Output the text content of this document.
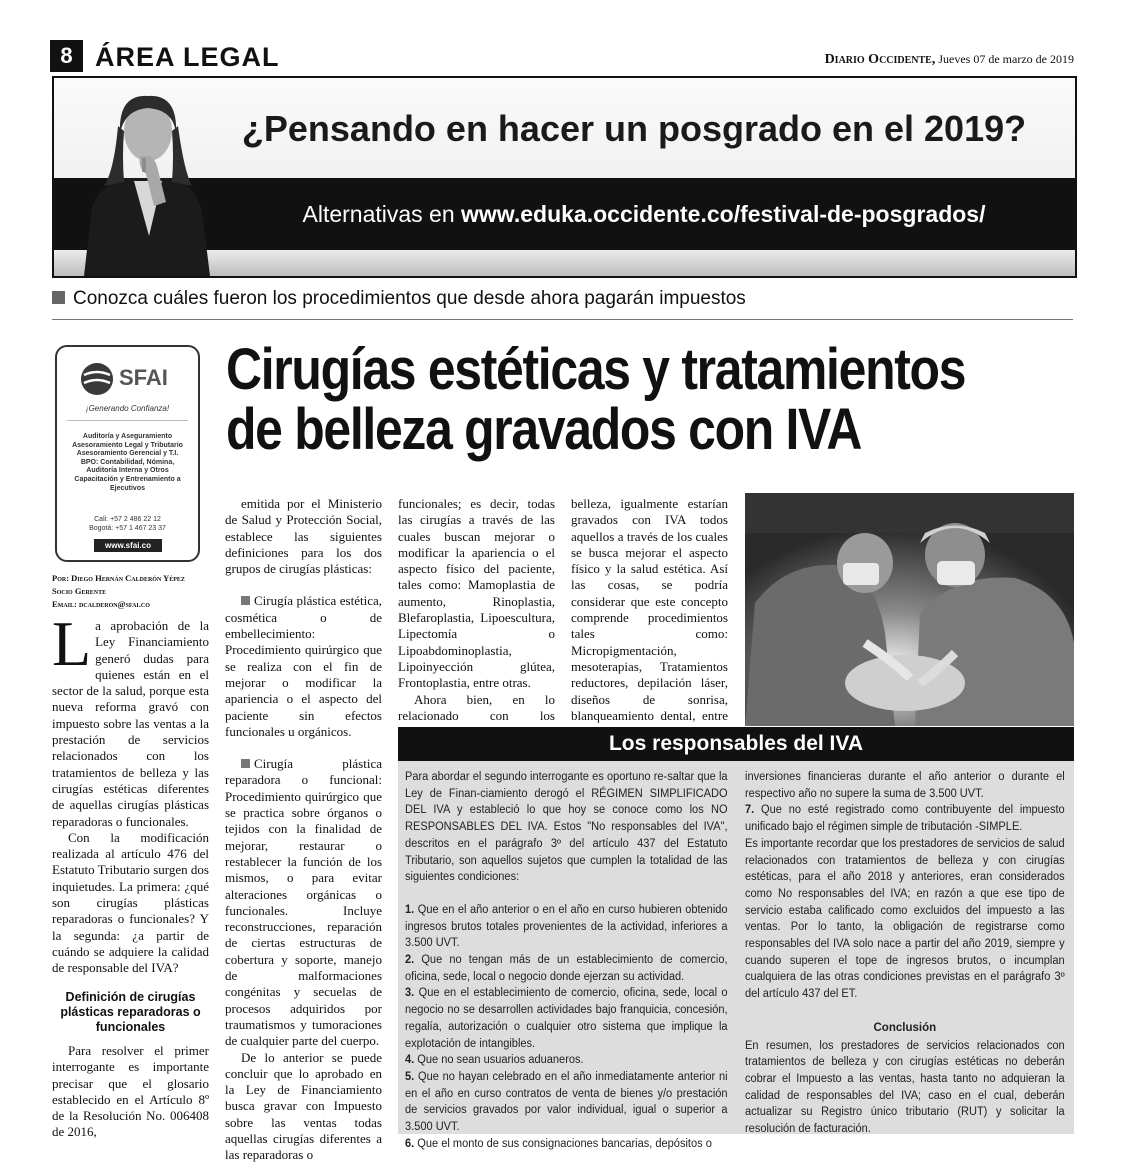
8 ÁREA LEGAL	Diario Occidente, Jueves 07 de marzo de 2019
¿Pensando en hacer un posgrado en el 2019?
Alternativas en www.eduka.occidente.co/festival-de-posgrados/
Conozca cuáles fueron los procedimientos que desde ahora pagarán impuestos
SFAI
¡Generando Confianza!
Auditoría y Aseguramiento
Asesoramiento Legal y Tributario
Asesoramiento Gerencial y T.I.
BPO: Contabilidad, Nómina,
Auditoría Interna y Otros
Capacitación y Entrenamiento a
Ejecutivos
Cali: +57 2 486 22 12
Bogotá: +57 1 467 23 37
www.sfai.co
Por: Diego Hernán Calderón Yépez
Socio Gerente
Email: dcalderon@sfai.co
Cirugías estéticas y tratamientos
de belleza gravados con IVA

La aprobación de la Ley Financiamiento generó dudas para quienes están en el sector de la salud, porque esta nueva reforma gravó con impuesto sobre las ventas a la prestación de servicios relacionados con los tratamientos de belleza y las cirugías estéticas diferentes de aquellas cirugías plásticas reparadoras o funcionales.

Con la modificación realizada al artículo 476 del Estatuto Tributario surgen dos inquietudes. La primera: ¿qué son cirugías plásticas reparadoras o funcionales? Y la segunda: ¿a partir de cuándo se adquiere la calidad de responsable del IVA?

Definición de cirugías plásticas reparadoras o funcionales

Para resolver el primer interrogante es importante precisar que el glosario establecido en el Artículo 8º de la Resolución No. 006408 de 2016,

emitida por el Ministerio de Salud y Protección Social, establece las siguientes definiciones para los dos grupos de cirugías plásticas:

Cirugía plástica estética, cosmética o de embellecimiento: Procedimiento quirúrgico que se realiza con el fin de mejorar o modificar la apariencia o el aspecto del paciente sin efectos funcionales u orgánicos.

Cirugía plástica reparadora o funcional: Procedimiento quirúrgico que se practica sobre órganos o tejidos con la finalidad de mejorar, restaurar o restablecer la función de los mismos, o para evitar alteraciones orgánicas o funcionales. Incluye reconstrucciones, reparación de ciertas estructuras de cobertura y soporte, manejo de malformaciones congénitas y secuelas de procesos adquiridos por traumatismos y tumoraciones de cualquier parte del cuerpo.

De lo anterior se puede concluir que lo aprobado en la Ley de Financiamiento busca gravar con Impuesto sobre las ventas todas aquellas cirugías diferentes a las reparadoras o

funcionales; es decir, todas las cirugías a través de las cuales buscan mejorar o modificar la apariencia o el aspecto físico del paciente, tales como: Mamoplastia de aumento, Rinoplastia, Blefaroplastia, Lipoescultura, Lipectomía o Lipoabdominoplastia, Lipoinyección glútea, Frontoplastia, entre otras.

Ahora bien, en lo relacionado con los

belleza, igualmente estarían gravados con IVA todos aquellos a través de los cuales se busca mejorar el aspecto físico y la salud estética. Así las cosas, se podría considerar que este concepto comprende procedimientos tales como: Micropigmentación, mesoterapias, Tratamientos reductores, depilación láser, diseños de sonrisa, blanqueamiento dental, entre

Los responsables del IVA

Para abordar el segundo interrogante es oportuno re-saltar que la Ley de Finan-ciamiento derogó el RÉGIMEN SIMPLIFICADO DEL IVA y estableció lo que hoy se conoce como los NO RESPONSABLES DEL IVA. Estos "No responsables del IVA", descritos en el parágrafo 3º del artículo 437 del Estatuto Tributario, son aquellos sujetos que cumplen la totalidad de las siguientes condiciones:

1. Que en el año anterior o en el año en curso hubieren obtenido ingresos brutos totales provenientes de la actividad, inferiores a 3.500 UVT.

2. Que no tengan más de un establecimiento de comercio, oficina, sede, local o negocio donde ejerzan su actividad.

3. Que en el establecimiento de comercio, oficina, sede, local o negocio no se desarrollen actividades bajo franquicia, concesión, regalía, autorización o cualquier otro sistema que implique la explotación de intangibles.

4. Que no sean usuarios aduaneros.

5. Que no hayan celebrado en el año inmediatamente anterior ni en el año en curso contratos de venta de bienes y/o prestación de servicios gravados por valor individual, igual o superior a 3.500 UVT.

6. Que el monto de sus consignaciones bancarias, depósitos o

inversiones financieras durante el año anterior o durante el respectivo año no supere la suma de 3.500 UVT.

7. Que no esté registrado como contribuyente del impuesto unificado bajo el régimen simple de tributación -SIMPLE.

Es importante recordar que los prestadores de servicios de salud relacionados con tratamientos de belleza y con cirugías estéticas, para el año 2018 y anteriores, eran considerados como No responsables del IVA; en razón a que ese tipo de servicio estaba calificado como excluidos del impuesto a las ventas. Por lo tanto, la obligación de registrarse como responsables del IVA solo nace a partir del año 2019, siempre y cuando superen el tope de ingresos brutos, o incumplan cualquiera de las otras condiciones previstas en el parágrafo 3º del artículo 437 del ET.

Conclusión

En resumen, los prestadores de servicios relacionados con tratamientos de belleza y con cirugías estéticas no deberán cobrar el Impuesto a las ventas, hasta tanto no adquieran la calidad de responsables del IVA; caso en el cual, deberán actualizar su Registro único tributario (RUT) y solicitar la resolución de facturación.
